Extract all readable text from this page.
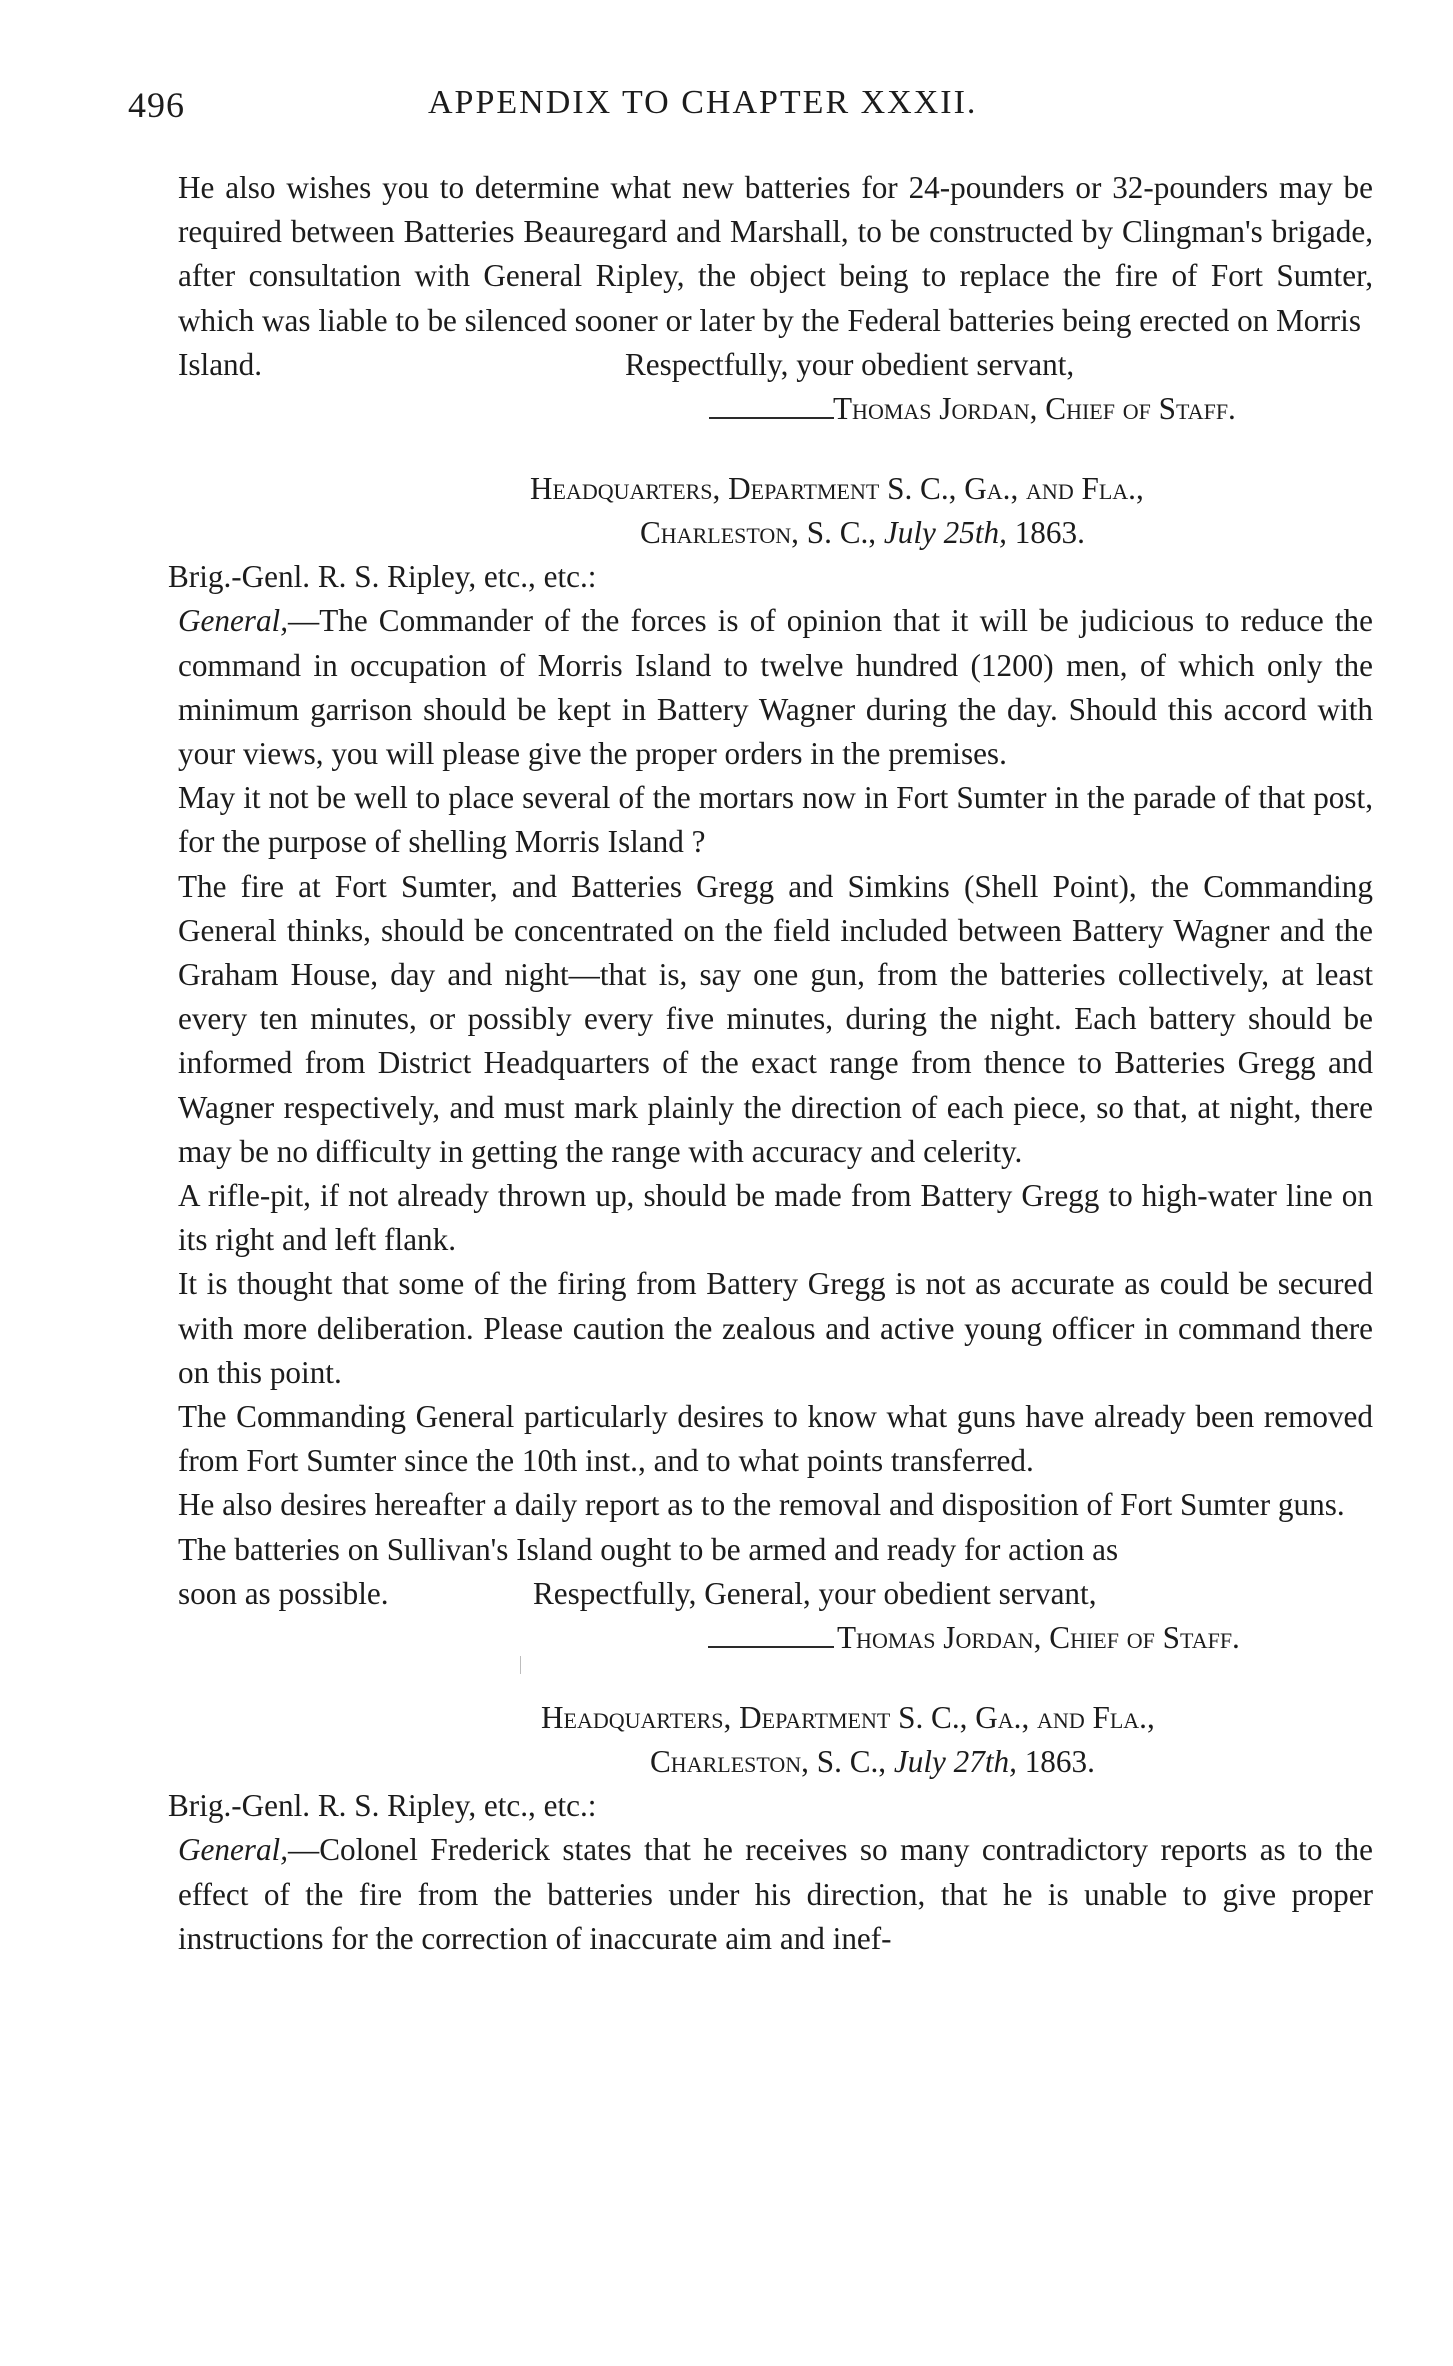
496	APPENDIX TO CHAPTER XXXII.

He also wishes you to determine what new batteries for 24-pounders or 32-pounders may be required between Batteries Beauregard and Marshall, to be constructed by Clingman's brigade, after consultation with General Ripley, the object being to replace the fire of Fort Sumter, which was liable to be silenced sooner or later by the Federal batteries being erected on Morris

Island.	Respectfully, your obedient servant,
Thomas Jordan, Chief of Staff.
Headquarters, Department S. C., Ga., and Fla.,
Charleston, S. C., July 25th, 1863.

Brig.-Genl. R. S. Ripley, etc., etc.:

General,—The Commander of the forces is of opinion that it will be judicious to reduce the command in occupation of Morris Island to twelve hundred (1200) men, of which only the minimum garrison should be kept in Battery Wagner during the day. Should this accord with your views, you will please give the proper orders in the premises.

May it not be well to place several of the mortars now in Fort Sumter in the parade of that post, for the purpose of shelling Morris Island ?

The fire at Fort Sumter, and Batteries Gregg and Simkins (Shell Point), the Commanding General thinks, should be concentrated on the field included between Battery Wagner and the Graham House, day and night—that is, say one gun, from the batteries collectively, at least every ten minutes, or possibly every five minutes, during the night. Each battery should be informed from District Headquarters of the exact range from thence to Batteries Gregg and Wagner respectively, and must mark plainly the direction of each piece, so that, at night, there may be no difficulty in getting the range with accuracy and celerity.

A rifle-pit, if not already thrown up, should be made from Battery Gregg to high-water line on its right and left flank.

It is thought that some of the firing from Battery Gregg is not as accurate as could be secured with more deliberation. Please caution the zealous and active young officer in command there on this point.

The Commanding General particularly desires to know what guns have already been removed from Fort Sumter since the 10th inst., and to what points transferred.

He also desires hereafter a daily report as to the removal and disposition of Fort Sumter guns.

The batteries on Sullivan's Island ought to be armed and ready for action as

soon as possible.	Respectfully, General, your obedient servant,
Thomas Jordan, Chief of Staff.
Headquarters, Department S. C., Ga., and Fla.,
Charleston, S. C., July 27th, 1863.

Brig.-Genl. R. S. Ripley, etc., etc.:

General,—Colonel Frederick states that he receives so many contradictory reports as to the effect of the fire from the batteries under his direction, that he is unable to give proper instructions for the correction of inaccurate aim and inef-
